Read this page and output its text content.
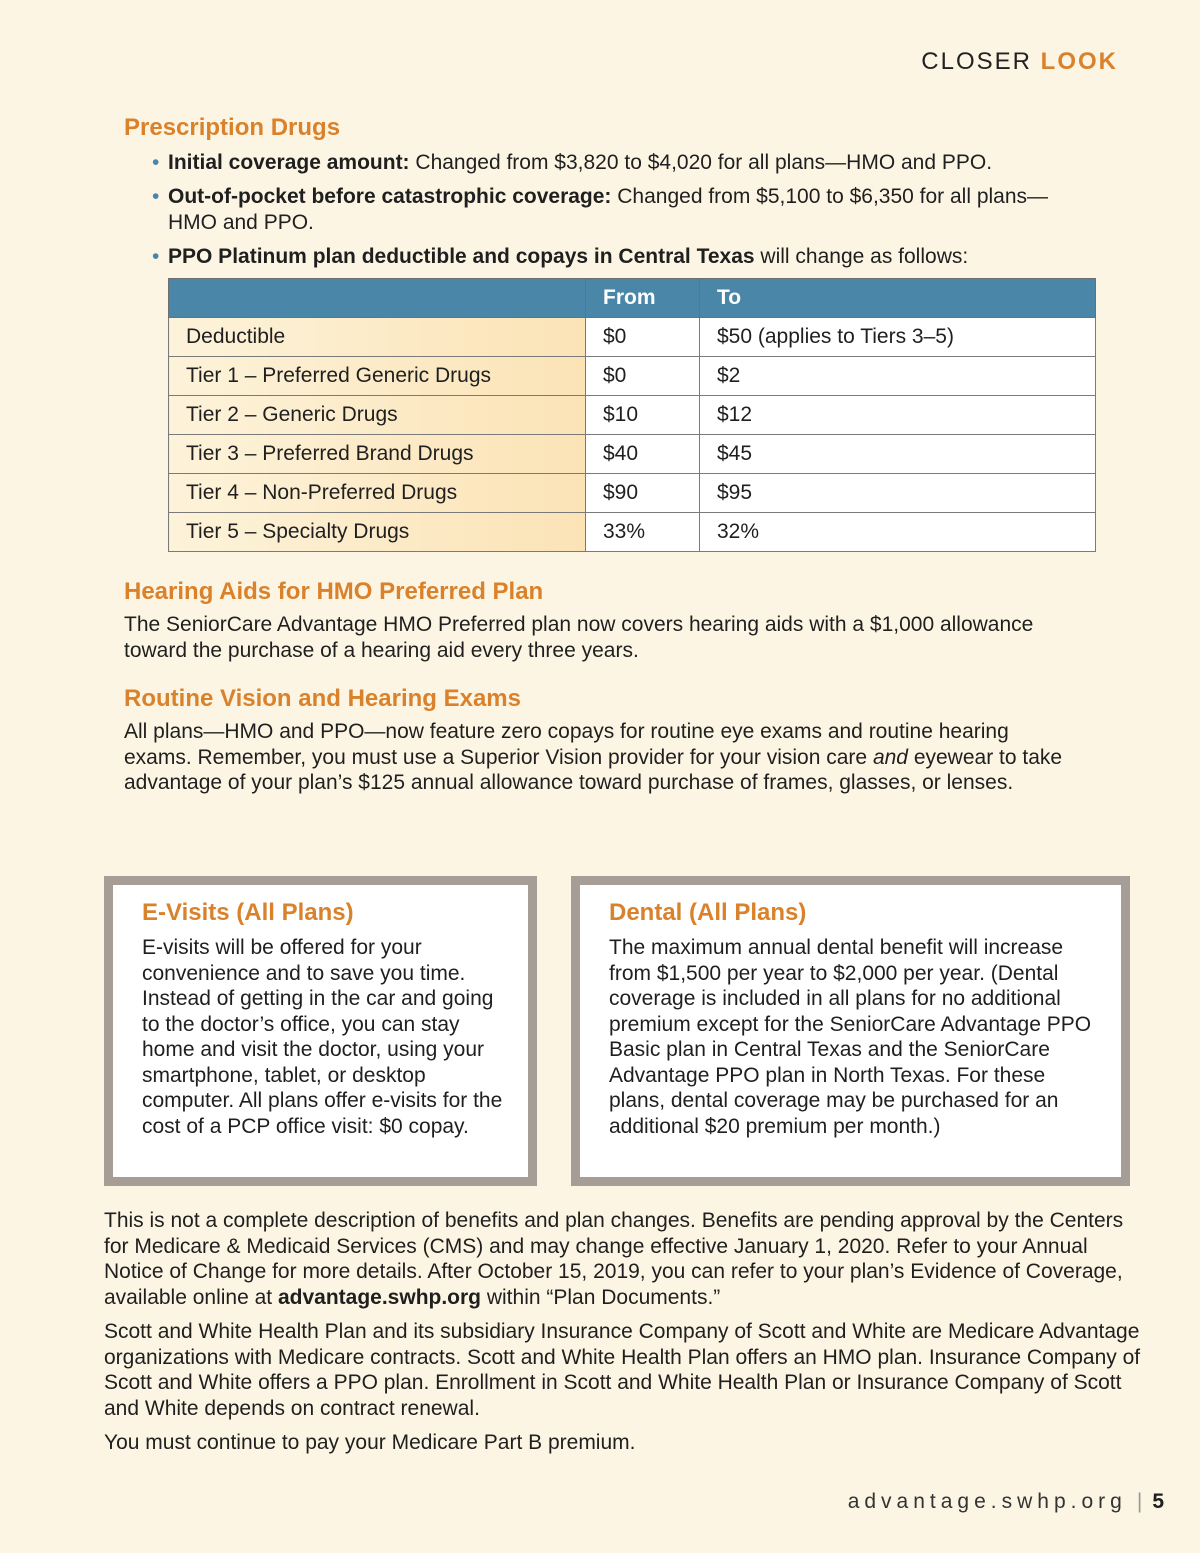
CLOSER LOOK
Prescription Drugs
• Initial coverage amount: Changed from $3,820 to $4,020 for all plans—HMO and PPO.
• Out-of-pocket before catastrophic coverage: Changed from $5,100 to $6,350 for all plans—HMO and PPO.
• PPO Platinum plan deductible and copays in Central Texas will change as follows:
	From	To
Deductible	$0	$50 (applies to Tiers 3–5)
Tier 1 – Preferred Generic Drugs	$0	$2
Tier 2 – Generic Drugs	$10	$12
Tier 3 – Preferred Brand Drugs	$40	$45
Tier 4 – Non-Preferred Drugs	$90	$95
Tier 5 – Specialty Drugs	33%	32%
Hearing Aids for HMO Preferred Plan

The SeniorCare Advantage HMO Preferred plan now covers hearing aids with a $1,000 allowance toward the purchase of a hearing aid every three years.

Routine Vision and Hearing Exams

All plans—HMO and PPO—now feature zero copays for routine eye exams and routine hearing exams. Remember, you must use a Superior Vision provider for your vision care and eyewear to take advantage of your plan’s $125 annual allowance toward purchase of frames, glasses, or lenses.

E-Visits (All Plans)

E-visits will be offered for your convenience and to save you time. Instead of getting in the car and going to the doctor’s office, you can stay home and visit the doctor, using your smartphone, tablet, or desktop computer. All plans offer e-visits for the cost of a PCP office visit: $0 copay.

Dental (All Plans)

The maximum annual dental benefit will increase from $1,500 per year to $2,000 per year. (Dental coverage is included in all plans for no additional premium except for the SeniorCare Advantage PPO Basic plan in Central Texas and the SeniorCare Advantage PPO plan in North Texas. For these plans, dental coverage may be purchased for an additional $20 premium per month.)

This is not a complete description of benefits and plan changes. Benefits are pending approval by the Centers for Medicare & Medicaid Services (CMS) and may change effective January 1, 2020. Refer to your Annual Notice of Change for more details. After October 15, 2019, you can refer to your plan’s Evidence of Coverage, available online at advantage.swhp.org within “Plan Documents.”

Scott and White Health Plan and its subsidiary Insurance Company of Scott and White are Medicare Advantage organizations with Medicare contracts. Scott and White Health Plan offers an HMO plan. Insurance Company of Scott and White offers a PPO plan. Enrollment in Scott and White Health Plan or Insurance Company of Scott and White depends on contract renewal.

You must continue to pay your Medicare Part B premium.

advantage.swhp.org | 5
